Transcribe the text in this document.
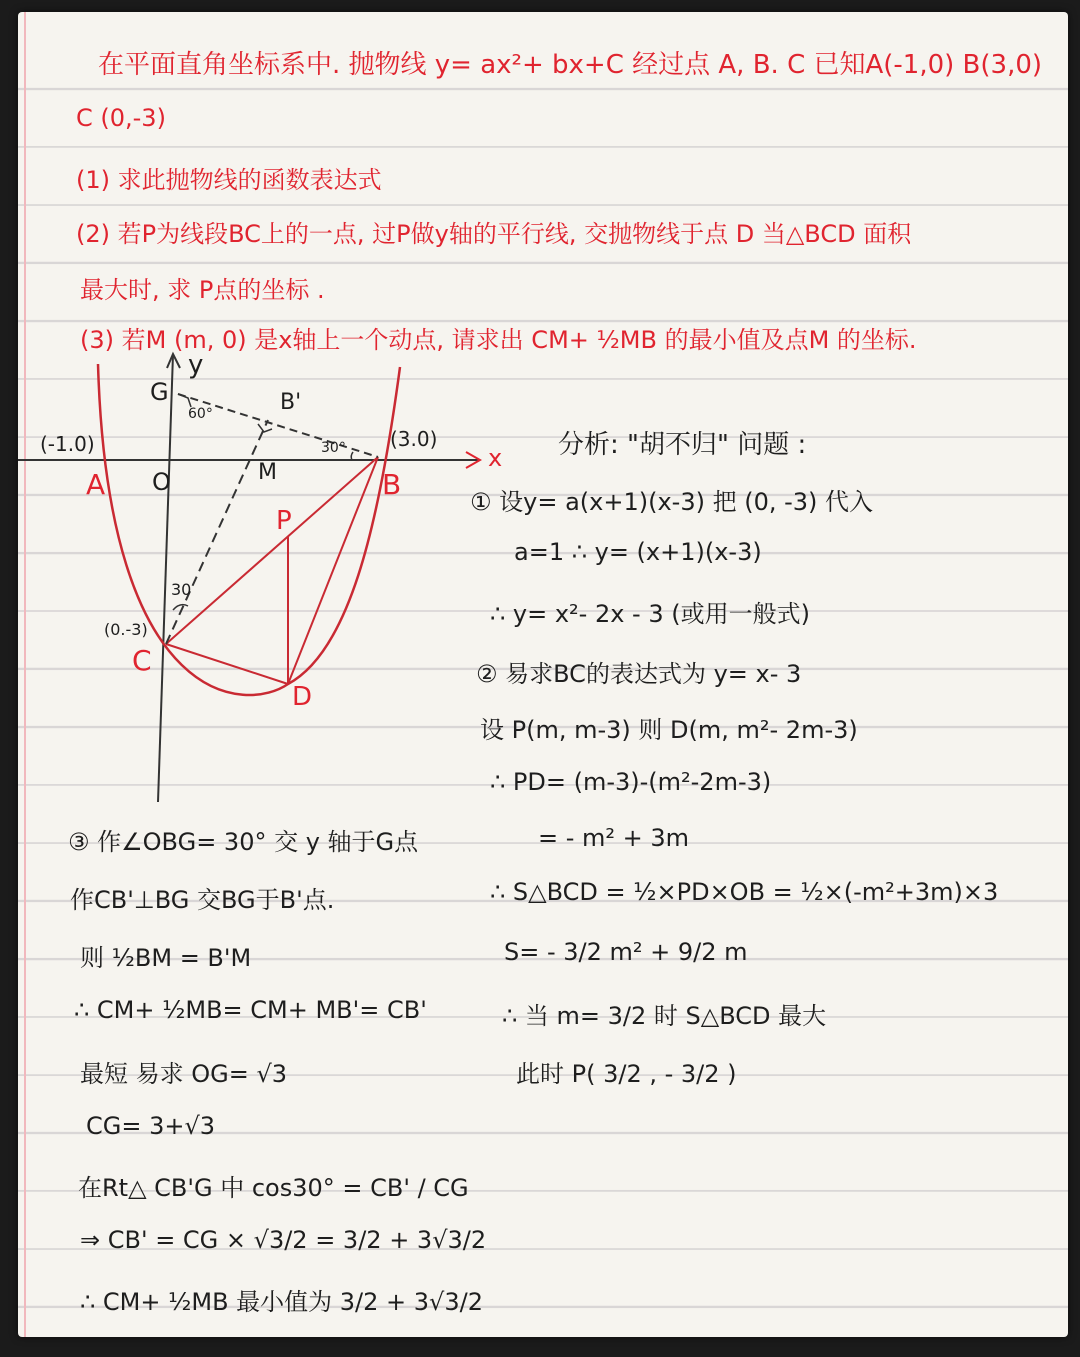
在平面直角坐标系中. 抛物线 y= ax²+ bx+C 经过点 A, B. C 已知A(-1,0) B(3,0)
C (0,-3)
(1) 求此抛物线的函数表达式
(2) 若P为线段BC上的一点, 过P做y轴的平行线, 交抛物线于点 D 当△BCD 面积
最大时, 求 P点的坐标 .
(3) 若M (m, 0) 是x轴上一个动点, 请求出 CM+ ½MB 的最小值及点M 的坐标.
y
x
G	B'
60°
(-1.0)	(3.0)
30°
A O	M	B
P
30
(0.-3)
C
D
分析: "胡不归" 问题 :
① 设y= a(x+1)(x-3) 把 (0, -3) 代入
a=1 ∴ y= (x+1)(x-3)
∴ y= x²- 2x - 3 (或用一般式)
② 易求BC的表达式为 y= x- 3
设 P(m, m-3) 则 D(m, m²- 2m-3)
∴ PD= (m-3)-(m²-2m-3)
= - m² + 3m
∴ S△BCD = ½×PD×OB = ½×(-m²+3m)×3
S= - 3/2 m² + 9/2 m
∴ 当 m= 3/2 时 S△BCD 最大
此时 P( 3/2 , - 3/2 )
③ 作∠OBG= 30° 交 y 轴于G点
作CB'⊥BG 交BG于B'点.
则 ½BM = B'M
∴ CM+ ½MB= CM+ MB'= CB'
最短 易求 OG= √3
CG= 3+√3
在Rt△ CB'G 中 cos30° = CB' / CG
⇒ CB' = CG × √3/2 = 3/2 + 3√3/2
∴ CM+ ½MB 最小值为 3/2 + 3√3/2
